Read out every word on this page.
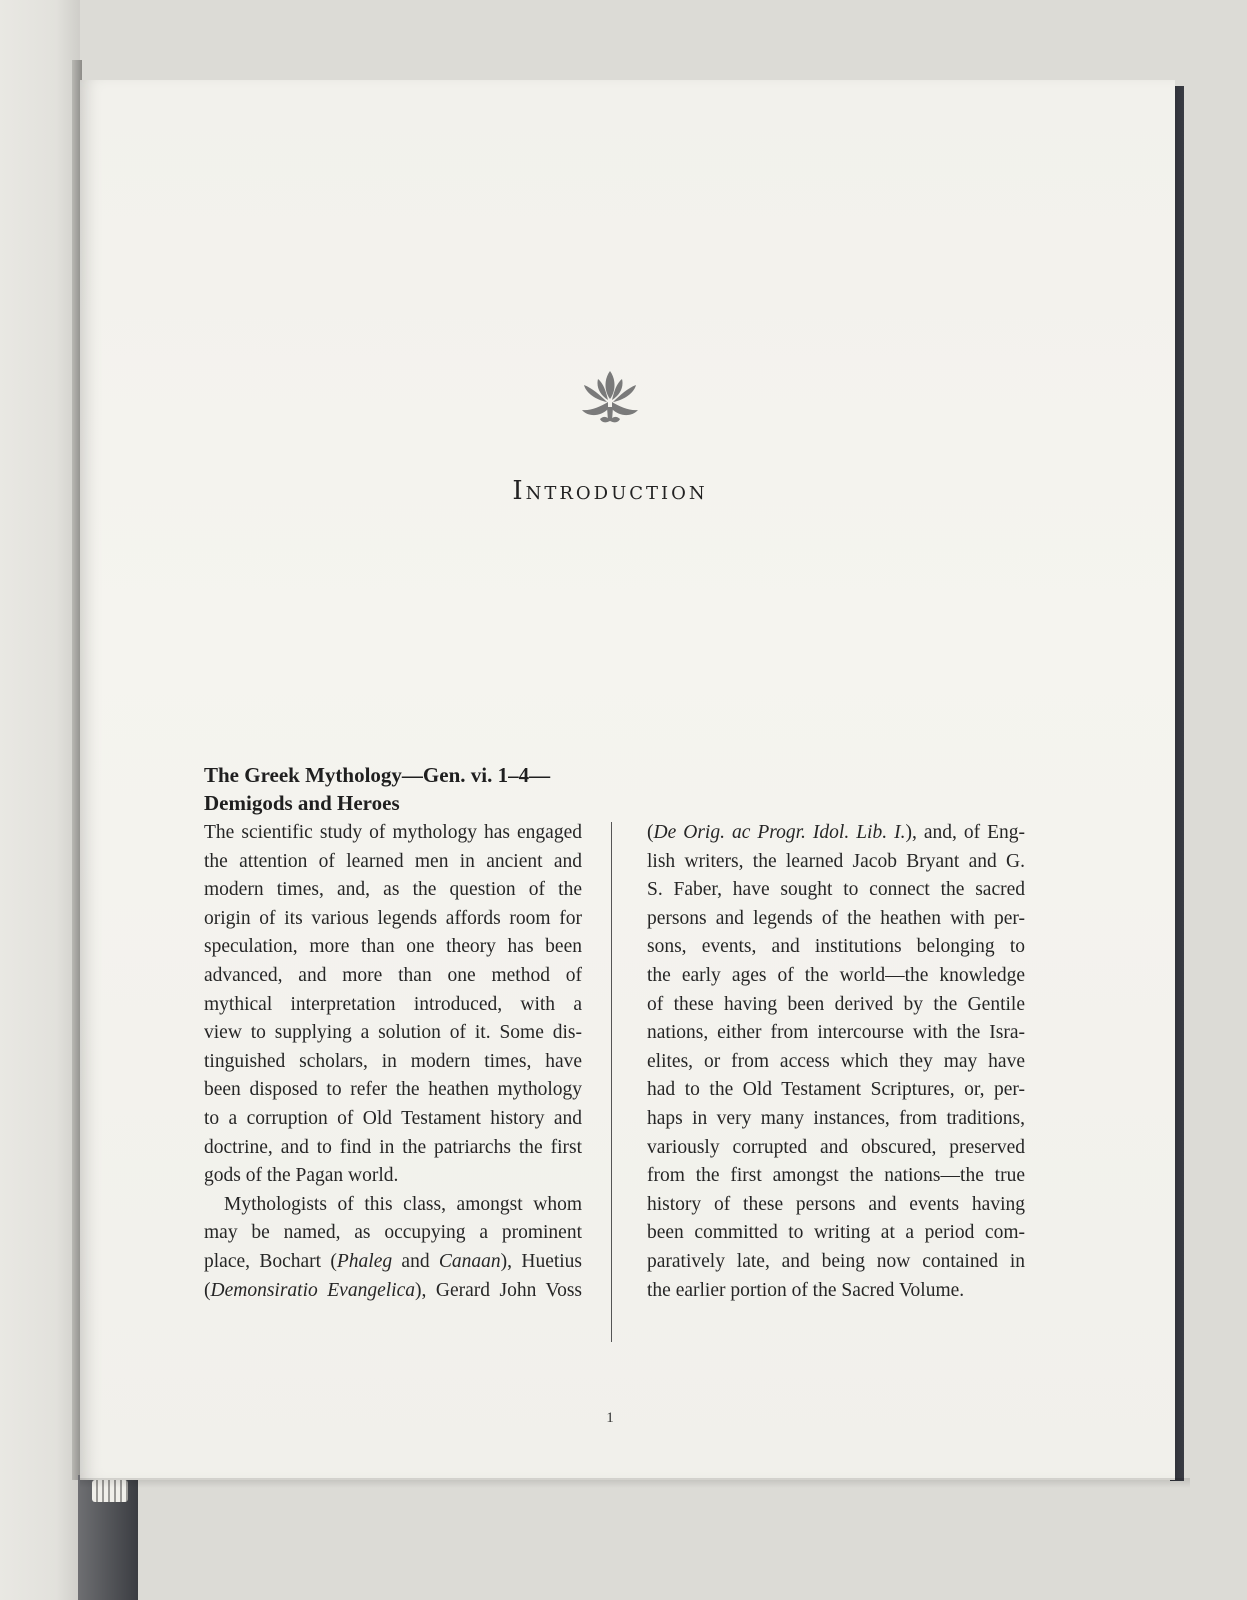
Introduction
The Greek Mythology—Gen. vi. 1–4—
Demigods and Heroes
The scientific study of mythology has engaged
the attention of learned men in ancient and
modern times, and, as the question of the
origin of its various legends affords room for
speculation, more than one theory has been
advanced, and more than one method of
mythical interpretation introduced, with a
view to supplying a solution of it. Some dis-
tinguished scholars, in modern times, have
been disposed to refer the heathen mythology
to a corruption of Old Testament history and
doctrine, and to find in the patriarchs the first
gods of the Pagan world.
Mythologists of this class, amongst whom
may be named, as occupying a prominent
place, Bochart (Phaleg and Canaan), Huetius
(Demonsiratio Evangelica), Gerard John Voss
(De Orig. ac Progr. Idol. Lib. I.), and, of Eng-
lish writers, the learned Jacob Bryant and G.
S. Faber, have sought to connect the sacred
persons and legends of the heathen with per-
sons, events, and institutions belonging to
the early ages of the world—the knowledge
of these having been derived by the Gentile
nations, either from intercourse with the Isra-
elites, or from access which they may have
had to the Old Testament Scriptures, or, per-
haps in very many instances, from traditions,
variously corrupted and obscured, preserved
from the first amongst the nations—the true
history of these persons and events having
been committed to writing at a period com-
paratively late, and being now contained in
the earlier portion of the Sacred Volume.
1
